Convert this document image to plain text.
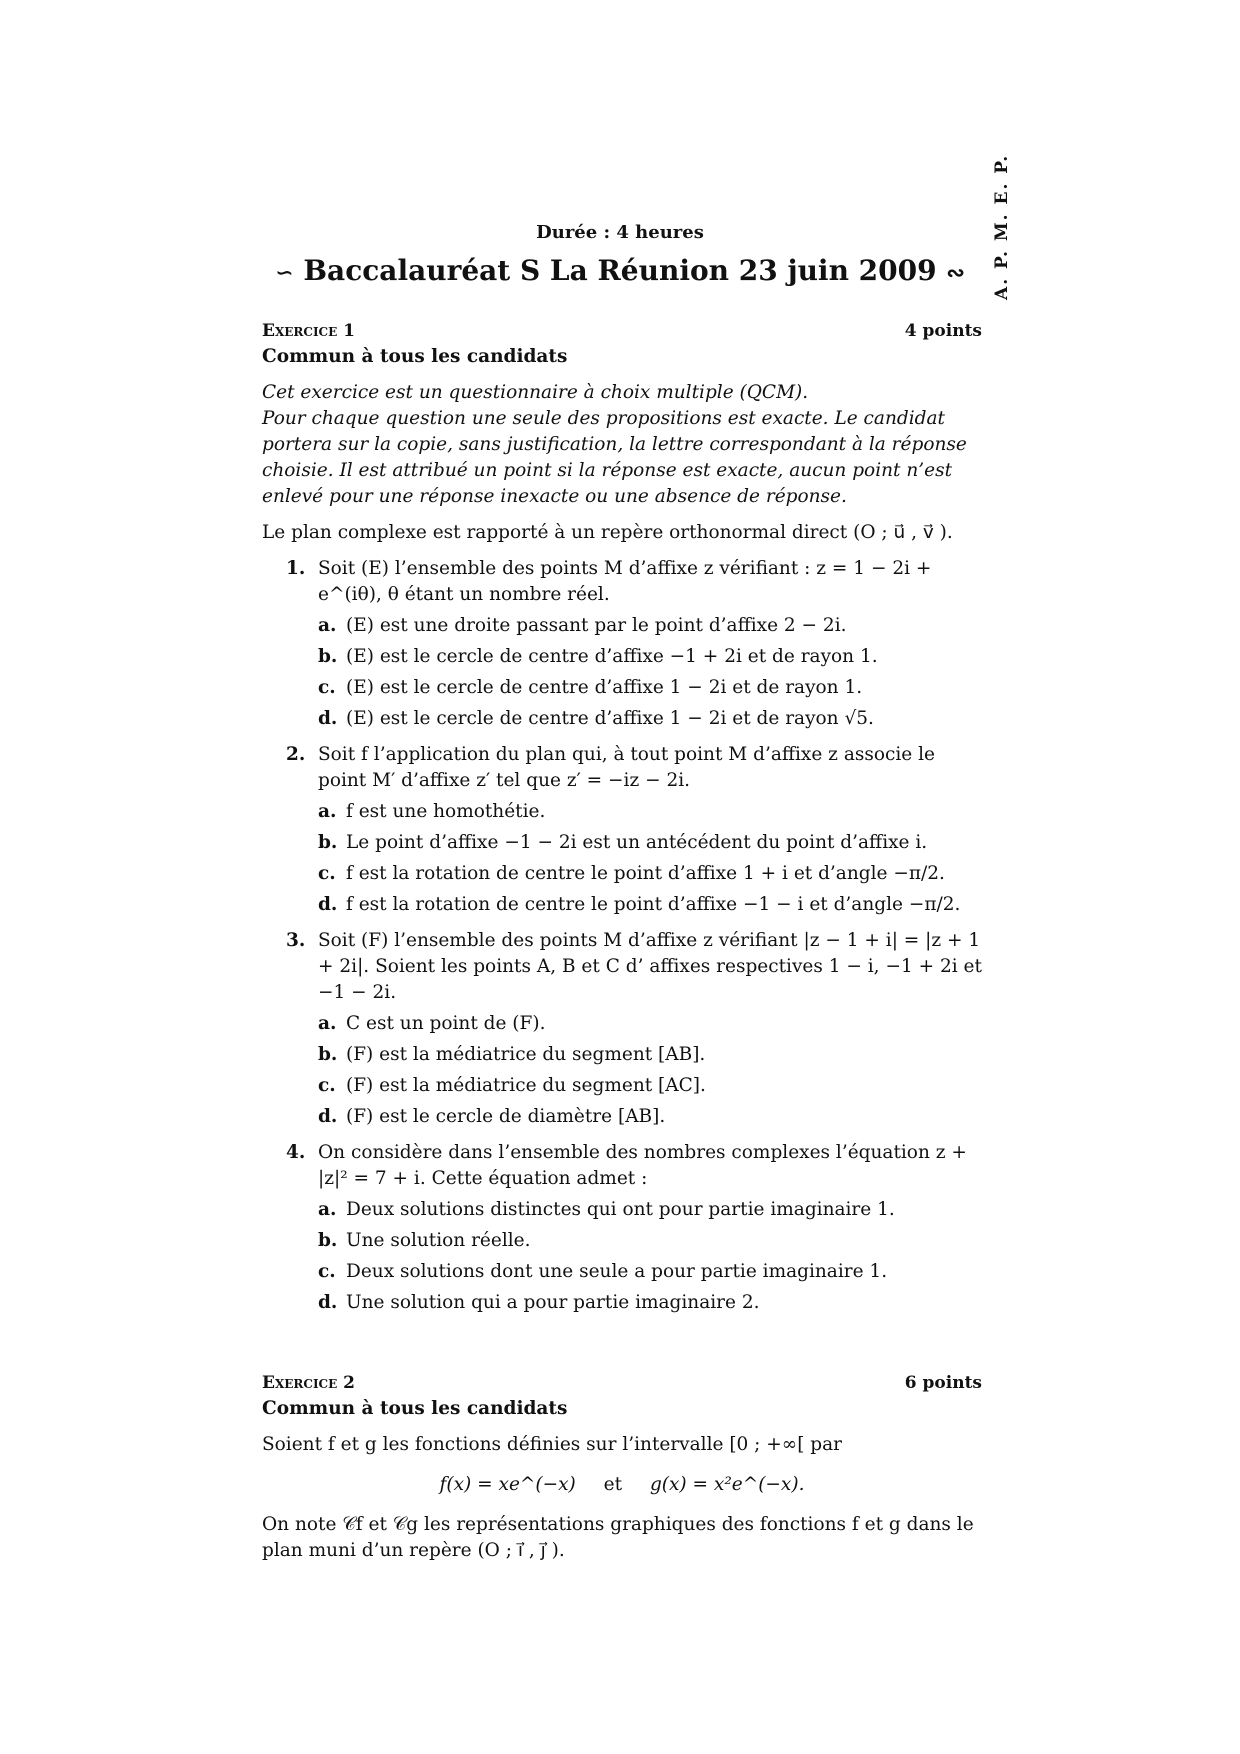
A. P. M. E. P.
Durée : 4 heures
∽ Baccalauréat S La Réunion 23 juin 2009 ∾
Exercice 1	4 points
Commun à tous les candidats
Cet exercice est un questionnaire à choix multiple (QCM).
Pour chaque question une seule des propositions est exacte. Le candidat portera sur la copie, sans justification, la lettre correspondant à la réponse choisie. Il est attribué un point si la réponse est exacte, aucun point n’est enlevé pour une réponse inexacte ou une absence de réponse.
Le plan complexe est rapporté à un repère orthonormal direct (O ; u⃗ , v⃗ ).
1. Soit (E) l’ensemble des points M d’affixe z vérifiant : z = 1 − 2i + e^(iθ), θ étant un nombre réel.
a. (E) est une droite passant par le point d’affixe 2 − 2i.
b. (E) est le cercle de centre d’affixe −1 + 2i et de rayon 1.
c. (E) est le cercle de centre d’affixe 1 − 2i et de rayon 1.
d. (E) est le cercle de centre d’affixe 1 − 2i et de rayon √5.
2. Soit f l’application du plan qui, à tout point M d’affixe z associe le point M′ d’affixe z′ tel que z′ = −iz − 2i.
a. f est une homothétie.
b. Le point d’affixe −1 − 2i est un antécédent du point d’affixe i.
c. f est la rotation de centre le point d’affixe 1 + i et d’angle −π/2.
d. f est la rotation de centre le point d’affixe −1 − i et d’angle −π/2.
3. Soit (F) l’ensemble des points M d’affixe z vérifiant |z − 1 + i| = |z + 1 + 2i|. Soient les points A, B et C d’ affixes respectives 1 − i, −1 + 2i et −1 − 2i.
a. C est un point de (F).
b. (F) est la médiatrice du segment [AB].
c. (F) est la médiatrice du segment [AC].
d. (F) est le cercle de diamètre [AB].
4. On considère dans l’ensemble des nombres complexes l’équation z + |z|² = 7 + i. Cette équation admet :
a. Deux solutions distinctes qui ont pour partie imaginaire 1.
b. Une solution réelle.
c. Deux solutions dont une seule a pour partie imaginaire 1.
d. Une solution qui a pour partie imaginaire 2.
Exercice 2	6 points
Commun à tous les candidats
Soient f et g les fonctions définies sur l’intervalle [0 ; +∞[ par
f(x) = xe^(−x) et g(x) = x²e^(−x).
On note 𝒞f et 𝒞g les représentations graphiques des fonctions f et g dans le plan muni d’un repère (O ; ı⃗ , ȷ⃗ ).
